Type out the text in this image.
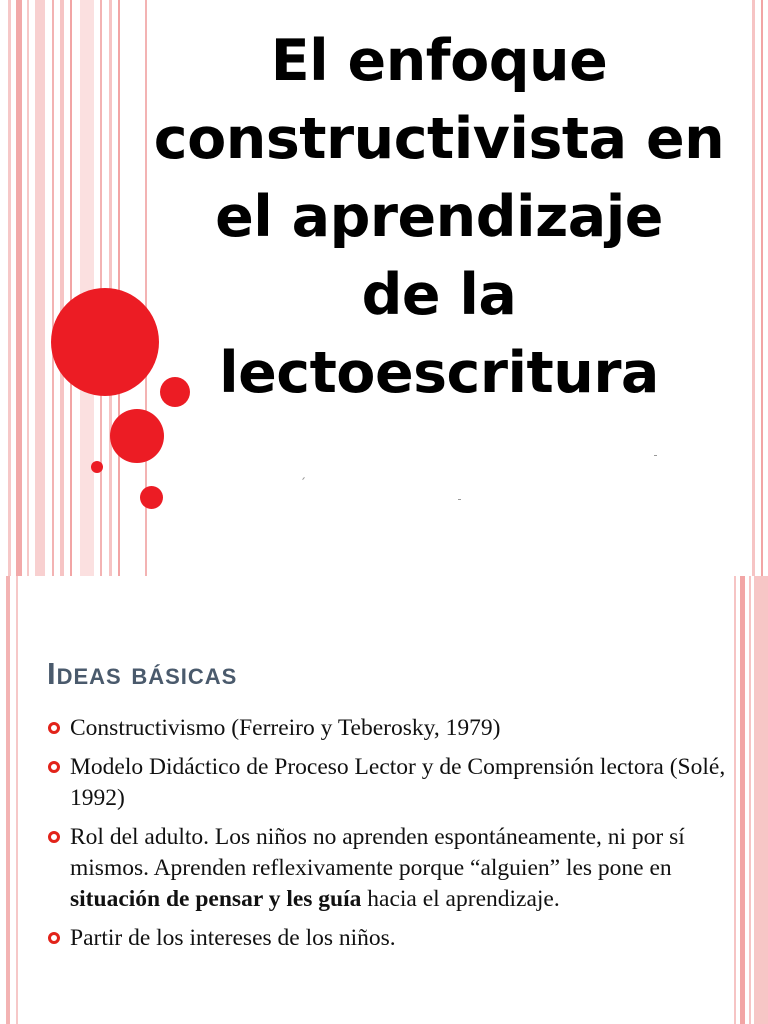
El enfoque
constructivista en
el aprendizaje
de la
lectoescritura
Ideas básicas
Constructivismo (Ferreiro y Teberosky, 1979)
Modelo Didáctico de Proceso Lector y de Comprensión lectora (Solé, 1992)
Rol del adulto. Los niños no aprenden espontáneamente, ni por sí mismos. Aprenden reflexivamente porque “alguien” les pone en situación de pensar y les guía hacia el aprendizaje.
Partir de los intereses de los niños.
